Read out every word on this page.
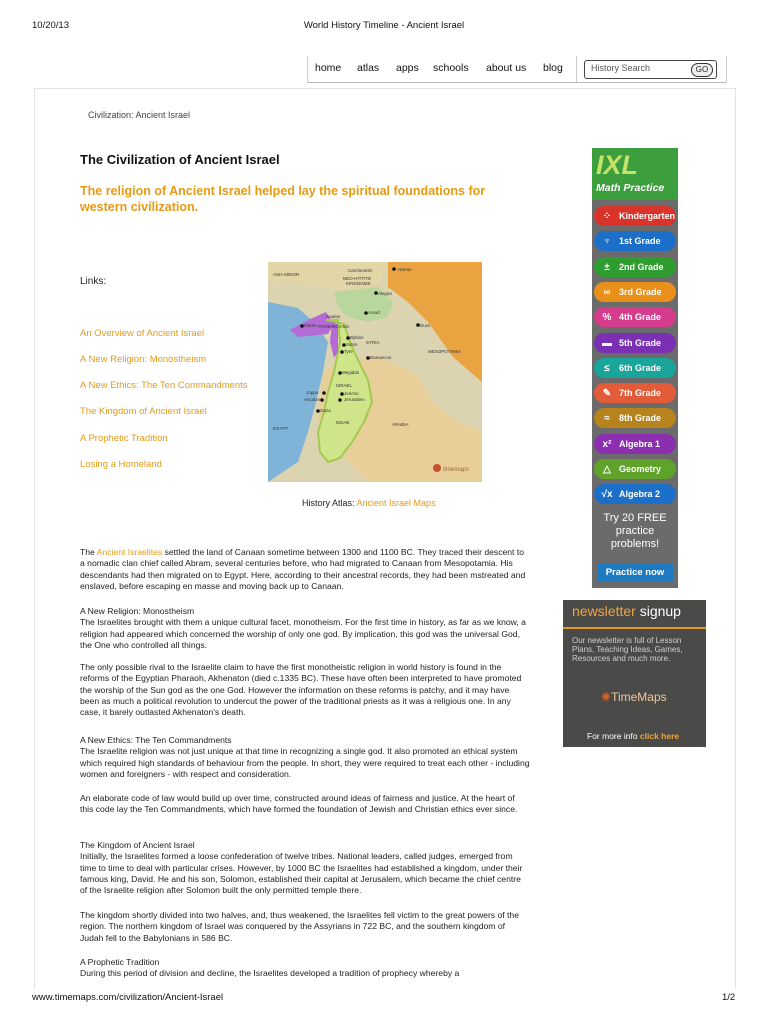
10/20/13	World History Timeline - Ancient Israel
home atlas apps schools about us blog
History Search	GO
Civilization: Ancient Israel
The Civilization of Ancient Israel
The religion of Ancient Israel helped lay the spiritual foundations for western civilization.
Links:
An Overview of Ancient Israel
A New Religion: Monostheism
A New Ethics: The Ten Commandments
The Kingdom of Ancient Israel
A Prophetic Tradition
Losing a Homeland
ASIA MINOR
Carchemish	Harran
NEO-HITTITE
KINGDOMS
Aleppo
Arvad
Arados
PHOENICIANS
Kittian
Byblos
Sidon
Tyre
Damascus
SYRIA
Dura
MESOPOTAMIA
Megiddo
ISRAEL
Joppa
Ascalon
Jericho
Jerusalem
Gaza
MOAB	ARABIA
EGYPT
timemaps
History Atlas: Ancient Israel Maps

The Ancient Israelites settled the land of Canaan sometime between 1300 and 1100 BC. They traced their descent to a nomadic clan chief called Abram, several centuries before, who had migrated to Canaan from Mesopotamia. His descendants had then migrated on to Egypt. Here, according to their ancestral records, they had been mstreated and enslaved, before escaping en masse and moving back up to Canaan.

A New Religion: Monostheism

The Israelites brought with them a unique cultural facet, monotheism. For the first time in history, as far as we know, a religion had appeared which concerned the worship of only one god. By implication, this god was the universal God, the One who controlled all things.

The only possible rival to the Israelite claim to have the first monotheistic religion in world history is found in the reforms of the Egyptian Pharaoh, Akhenaton (died c.1335 BC). These have often been interpreted to have promoted the worship of the Sun god as the one God. However the information on these reforms is patchy, and it may have been as much a political revolution to undercut the power of the traditional priests as it was a religious one. In any case, it barely outlasted Akhenaton's death.

A New Ethics: The Ten Commandments

The Israelite religion was not just unique at that time in recognizing a single god. It also promoted an ethical system which required high standards of behaviour from the people. In short, they were required to treat each other - including women and foreigners - with respect and consideration.

An elaborate code of law would build up over time, constructed around ideas of fairness and justice. At the heart of this code lay the Ten Commandments, which have formed the foundation of Jewish and Christian ethics ever since.

The Kingdom of Ancient Israel

Initially, the Israelites formed a loose confederation of twelve tribes. National leaders, called judges, emerged from time to time to deal with particular crises. However, by 1000 BC the Israelites had established a kingdom, under their famous king, David. He and his son, Solomon, established their capital at Jerusalem, which became the chief centre of the Israelite religion after Solomon built the only permitted temple there.

The kingdom shortly divided into two halves, and, thus weakened, the Israelites fell victim to the great powers of the region. The northern kingdom of Israel was conquered by the Assyrians in 722 BC, and the southern kingdom of Judah fell to the Babylonians in 586 BC.

A Prophetic Tradition

During this period of division and decline, the Israelites developed a tradition of prophecy whereby a

IXL
Math Practice
⁘ Kindergarten
♆ 1st Grade
± 2nd Grade
∞ 3rd Grade
% 4th Grade
▬ 5th Grade
≤ 6th Grade
✎ 7th Grade
≈ 8th Grade
x² Algebra 1
△ Geometry
√x Algebra 2
Try 20 FREE
practice
problems!
Practice now
newsletter signup
Our newsletter is full of Lesson Plans, Teaching Ideas, Games, Resources and much more.
✺TimeMaps
For more info click here
www.timemaps.com/civilization/Ancient-Israel	1/2
